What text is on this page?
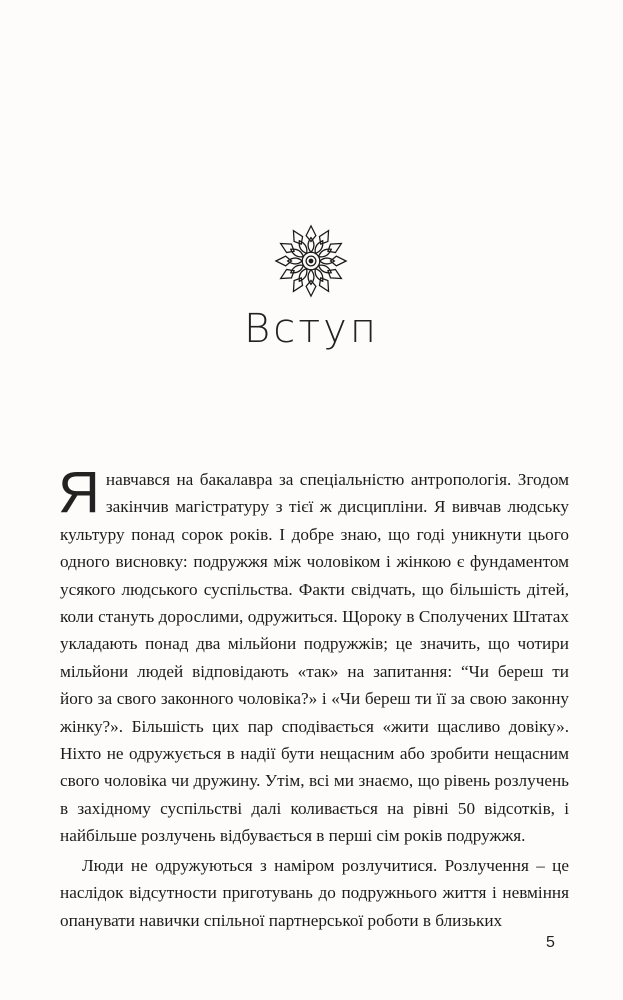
Вступ

Янавчався на бакалавра за спеціальністю антропологія. Згодом закінчив магістратуру з тієї ж дисципліни. Я вивчав людську культуру понад сорок років. І добре знаю, що годі уникнути цього одного висновку: подружжя між чоловіком і жінкою є фундаментом усякого людського суспільства. Факти свідчать, що більшість дітей, коли стануть дорослими, одружиться. Щороку в Сполучених Штатах укладають понад два мільйони подружжів; це значить, що чотири мільйони людей відповідають «так» на запитання: “Чи береш ти його за свого законного чоловіка?» і «Чи береш ти її за свою законну жінку?». Більшість цих пар сподівається «жити щасливо довіку». Ніхто не одружується в надії бути нещасним або зробити нещасним свого чоловіка чи дружину. Утім, всі ми знаємо, що рівень розлучень в західному суспільстві далі коливається на рівні 50 відсотків, і найбільше розлучень відбувається в перші сім років подружжя.

Люди не одружуються з наміром розлучитися. Розлучення – це наслідок відсутности приготувань до подружнього життя і невміння опанувати навички спільної партнерської роботи в близьких

5
